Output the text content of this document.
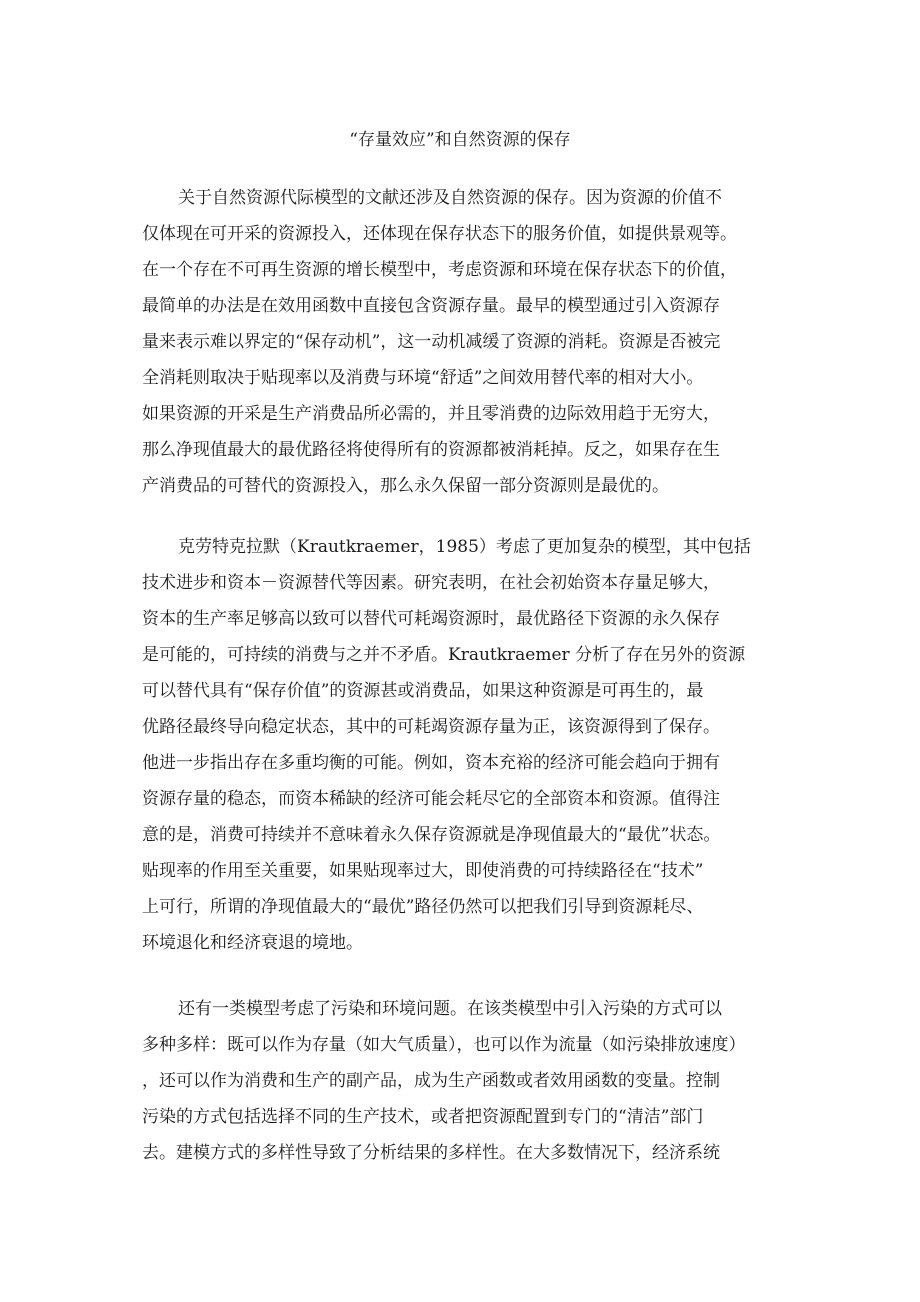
“存量效应”和自然资源的保存
关于自然资源代际模型的文献还涉及自然资源的保存。因为资源的价值不
仅体现在可开采的资源投入，还体现在保存状态下的服务价值，如提供景观等。
在一个存在不可再生资源的增长模型中，考虑资源和环境在保存状态下的价值，
最简单的办法是在效用函数中直接包含资源存量。最早的模型通过引入资源存
量来表示难以界定的“保存动机”，这一动机减缓了资源的消耗。资源是否被完
全消耗则取决于贴现率以及消费与环境“舒适”之间效用替代率的相对大小。
如果资源的开采是生产消费品所必需的，并且零消费的边际效用趋于无穷大，
那么净现值最大的最优路径将使得所有的资源都被消耗掉。反之，如果存在生
产消费品的可替代的资源投入，那么永久保留一部分资源则是最优的。
克劳特克拉默（Krautkraemer，1985）考虑了更加复杂的模型，其中包括
技术进步和资本－资源替代等因素。研究表明，在社会初始资本存量足够大，
资本的生产率足够高以致可以替代可耗竭资源时，最优路径下资源的永久保存
是可能的，可持续的消费与之并不矛盾。Krautkraemer 分析了存在另外的资源
可以替代具有“保存价值”的资源甚或消费品，如果这种资源是可再生的，最
优路径最终导向稳定状态，其中的可耗竭资源存量为正，该资源得到了保存。
他进一步指出存在多重均衡的可能。例如，资本充裕的经济可能会趋向于拥有
资源存量的稳态，而资本稀缺的经济可能会耗尽它的全部资本和资源。值得注
意的是，消费可持续并不意味着永久保存资源就是净现值最大的“最优”状态。
贴现率的作用至关重要，如果贴现率过大，即使消费的可持续路径在“技术”
上可行，所谓的净现值最大的“最优”路径仍然可以把我们引导到资源耗尽、
环境退化和经济衰退的境地。
还有一类模型考虑了污染和环境问题。在该类模型中引入污染的方式可以
多种多样：既可以作为存量（如大气质量），也可以作为流量（如污染排放速度）
，还可以作为消费和生产的副产品，成为生产函数或者效用函数的变量。控制
污染的方式包括选择不同的生产技术，或者把资源配置到专门的“清洁”部门
去。建模方式的多样性导致了分析结果的多样性。在大多数情况下，经济系统
